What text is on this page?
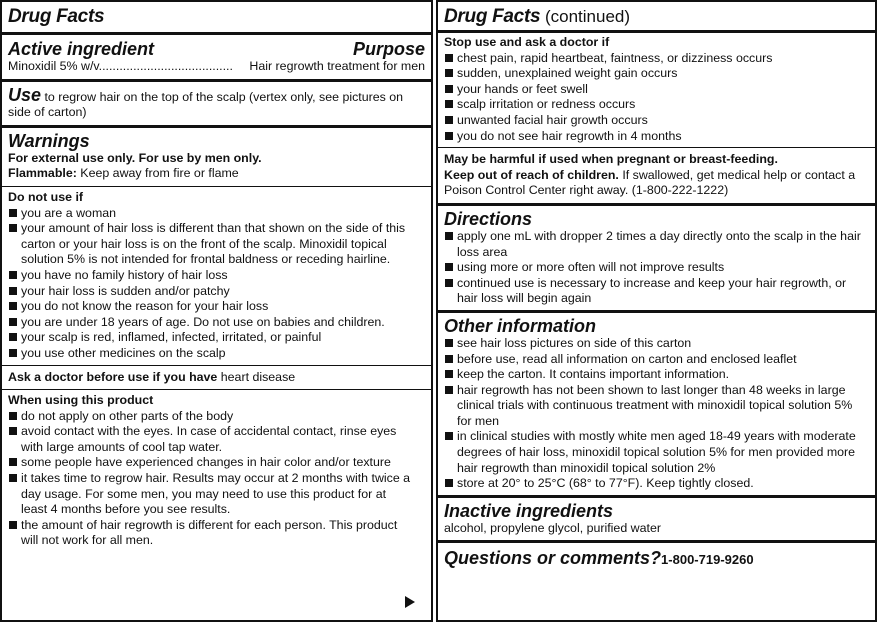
Drug Facts
Active ingredient	Purpose
Minoxidil 5% w/v. ......................................	Hair regrowth treatment for men
Use to regrow hair on the top of the scalp (vertex only, see pictures on side of carton)
Warnings
For external use only. For use by men only.
Flammable: Keep away from fire or flame
Do not use if
you are a woman
your amount of hair loss is different than that shown on the side of this carton or your hair loss is on the front of the scalp. Minoxidil topical solution 5% is not intended for frontal baldness or receding hairline.
you have no family history of hair loss
your hair loss is sudden and/or patchy
you do not know the reason for your hair loss
you are under 18 years of age. Do not use on babies and children.
your scalp is red, inflamed, infected, irritated, or painful
you use other medicines on the scalp
Ask a doctor before use if you have heart disease
When using this product
do not apply on other parts of the body
avoid contact with the eyes. In case of accidental contact, rinse eyes with large amounts of cool tap water.
some people have experienced changes in hair color and/or texture
it takes time to regrow hair. Results may occur at 2 months with twice a day usage. For some men, you may need to use this product for at least 4 months before you see results.
the amount of hair regrowth is different for each person. This product will not work for all men.
Drug Facts (continued)
Stop use and ask a doctor if
chest pain, rapid heartbeat, faintness, or dizziness occurs
sudden, unexplained weight gain occurs
your hands or feet swell
scalp irritation or redness occurs
unwanted facial hair growth occurs
you do not see hair regrowth in 4 months
May be harmful if used when pregnant or breast-feeding.
Keep out of reach of children. If swallowed, get medical help or contact a Poison Control Center right away. (1-800-222-1222)
Directions
apply one mL with dropper 2 times a day directly onto the scalp in the hair loss area
using more or more often will not improve results
continued use is necessary to increase and keep your hair regrowth, or hair loss will begin again
Other information
see hair loss pictures on side of this carton
before use, read all information on carton and enclosed leaflet
keep the carton. It contains important information.
hair regrowth has not been shown to last longer than 48 weeks in large clinical trials with continuous treatment with minoxidil topical solution 5% for men
in clinical studies with mostly white men aged 18-49 years with moderate degrees of hair loss, minoxidil topical solution 5% for men provided more hair regrowth than minoxidil topical solution 2%
store at 20° to 25°C (68° to 77°F). Keep tightly closed.
Inactive ingredients
alcohol, propylene glycol, purified water
Questions or comments?1-800-719-9260
